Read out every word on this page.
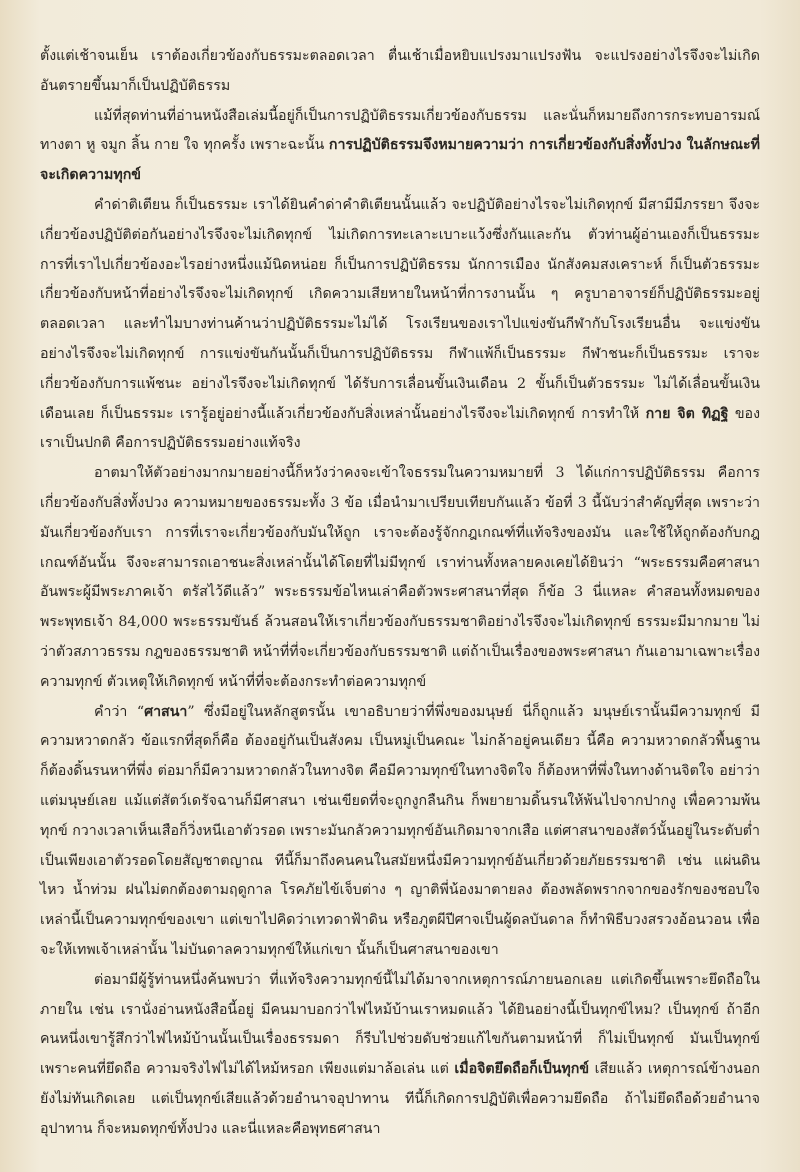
ตั้งแต่เช้าจนเย็น เราต้องเกี่ยวข้องกับธรรมะตลอดเวลา ตื่นเช้าเมื่อหยิบแปรงมาแปรงฟัน จะแปรงอย่างไรจึงจะไม่เกิดอันตรายขึ้นมาก็เป็นปฏิบัติธรรม

แม้ที่สุดท่านที่อ่านหนังสือเล่มนี้อยู่ก็เป็นการปฏิบัติธรรมเกี่ยวข้องกับธรรม และนั่นก็หมายถึงการกระทบอารมณ์ ทางตา หู จมูก ลิ้น กาย ใจ ทุกครั้ง เพราะฉะนั้น การปฏิบัติธรรมจึงหมายความว่า การเกี่ยวข้องกับสิ่งทั้งปวง ในลักษณะที่จะเกิดความทุกข์

คำด่าติเตียน ก็เป็นธรรมะ เราได้ยินคำด่าคำติเตียนนั้นแล้ว จะปฏิบัติอย่างไรจะไม่เกิดทุกข์ มีสามีมีภรรยา จึงจะเกี่ยวข้องปฏิบัติต่อกันอย่างไรจึงจะไม่เกิดทุกข์ ไม่เกิดการทะเลาะเบาะแว้งซึ่งกันและกัน ตัวท่านผู้อ่านเองก็เป็นธรรมะ การที่เราไปเกี่ยวข้องอะไรอย่างหนึ่งแม้นิดหน่อย ก็เป็นการปฏิบัติธรรม นักการเมือง นักสังคมสงเคราะห์ ก็เป็นตัวธรรมะ เกี่ยวข้องกับหน้าที่อย่างไรจึงจะไม่เกิดทุกข์ เกิดความเสียหายในหน้าที่การงานนั้น ๆ ครูบาอาจารย์ก็ปฏิบัติธรรมะอยู่ตลอดเวลา และทำไมบางท่านค้านว่าปฏิบัติธรรมะไม่ได้ โรงเรียนของเราไปแข่งขันกีฬากับโรงเรียนอื่น จะแข่งขันอย่างไรจึงจะไม่เกิดทุกข์ การแข่งขันกันนั้นก็เป็นการปฏิบัติธรรม กีฬาแพ้ก็เป็นธรรมะ กีฬาชนะก็เป็นธรรมะ เราจะเกี่ยวข้องกับการแพ้ชนะ อย่างไรจึงจะไม่เกิดทุกข์ ได้รับการเลื่อนขั้นเงินเดือน 2 ขั้นก็เป็นตัวธรรมะ ไม่ได้เลื่อนขั้นเงินเดือนเลย ก็เป็นธรรมะ เรารู้อยู่อย่างนี้แล้วเกี่ยวข้องกับสิ่งเหล่านั้นอย่างไรจึงจะไม่เกิดทุกข์ การทำให้ กาย จิต ทิฏฐิ ของเราเป็นปกติ คือการปฏิบัติธรรมอย่างแท้จริง

อาตมาให้ตัวอย่างมากมายอย่างนี้ก็หวังว่าคงจะเข้าใจธรรมในความหมายที่ 3 ได้แก่การปฏิบัติธรรม คือการเกี่ยวข้องกับสิ่งทั้งปวง ความหมายของธรรมะทั้ง 3 ข้อ เมื่อนำมาเปรียบเทียบกันแล้ว ข้อที่ 3 นี้นับว่าสำคัญที่สุด เพราะว่ามันเกี่ยวข้องกับเรา การที่เราจะเกี่ยวข้องกับมันให้ถูก เราจะต้องรู้จักกฎเกณฑ์ที่แท้จริงของมัน และใช้ให้ถูกต้องกับกฎเกณฑ์อันนั้น จึงจะสามารถเอาชนะสิ่งเหล่านั้นได้โดยที่ไม่มีทุกข์ เราท่านทั้งหลายคงเคยได้ยินว่า “พระธรรมคือศาสนา อันพระผู้มีพระภาคเจ้า ตรัสไว้ดีแล้ว” พระธรรมข้อไหนเล่าคือตัวพระศาสนาที่สุด ก็ข้อ 3 นี่แหละ คำสอนทั้งหมดของพระพุทธเจ้า 84,000 พระธรรมขันธ์ ล้วนสอนให้เราเกี่ยวข้องกับธรรมชาติอย่างไรจึงจะไม่เกิดทุกข์ ธรรมะมีมากมาย ไม่ว่าตัวสภาวธรรม กฎของธรรมชาติ หน้าที่ที่จะเกี่ยวข้องกับธรรมชาติ แต่ถ้าเป็นเรื่องของพระศาสนา กันเอามาเฉพาะเรื่องความทุกข์ ตัวเหตุให้เกิดทุกข์ หน้าที่ที่จะต้องกระทำต่อความทุกข์

คำว่า “ศาสนา” ซึ่งมีอยู่ในหลักสูตรนั้น เขาอธิบายว่าที่พึ่งของมนุษย์ นี่ก็ถูกแล้ว มนุษย์เรานั้นมีความทุกข์ มีความหวาดกลัว ข้อแรกที่สุดก็คือ ต้องอยู่กันเป็นสังคม เป็นหมู่เป็นคณะ ไม่กล้าอยู่คนเดียว นี้คือ ความหวาดกลัวพื้นฐาน ก็ต้องดิ้นรนหาที่พึ่ง ต่อมาก็มีความหวาดกลัวในทางจิต คือมีความทุกข์ในทางจิตใจ ก็ต้องหาที่พึ่งในทางด้านจิตใจ อย่าว่าแต่มนุษย์เลย แม้แต่สัตว์เดรัจฉานก็มีศาสนา เช่นเขียดที่จะถูกงูกลืนกิน ก็พยายามดิ้นรนให้พ้นไปจากปากงู เพื่อความพ้นทุกข์ กวางเวลาเห็นเสือก็วิ่งหนีเอาตัวรอด เพราะมันกลัวความทุกข์อันเกิดมาจากเสือ แต่ศาสนาของสัตว์นั้นอยู่ในระดับต่ำ เป็นเพียงเอาตัวรอดโดยสัญชาตญาณ ทีนี้ก็มาถึงคนคนในสมัยหนึ่งมีความทุกข์อันเกี่ยวด้วยภัยธรรมชาติ เช่น แผ่นดินไหว น้ำท่วม ฝนไม่ตกต้องตามฤดูกาล โรคภัยไข้เจ็บต่าง ๆ ญาติพี่น้องมาตายลง ต้องพลัดพรากจากของรักของชอบใจ เหล่านี้เป็นความทุกข์ของเขา แต่เขาไปคิดว่าเทวดาฟ้าดิน หรือภูตผีปีศาจเป็นผู้ดลบันดาล ก็ทำพิธีบวงสรวงอ้อนวอน เพื่อจะให้เทพเจ้าเหล่านั้น ไม่บันดาลความทุกข์ให้แก่เขา นั้นก็เป็นศาสนาของเขา

ต่อมามีผู้รู้ท่านหนึ่งค้นพบว่า ที่แท้จริงความทุกข์นี้ไม่ได้มาจากเหตุการณ์ภายนอกเลย แต่เกิดขึ้นเพราะยึดถือในภายใน เช่น เรานั่งอ่านหนังสือนี้อยู่ มีคนมาบอกว่าไฟไหม้บ้านเราหมดแล้ว ได้ยินอย่างนี้เป็นทุกข์ไหม? เป็นทุกข์ ถ้าอีกคนหนึ่งเขารู้สึกว่าไฟไหม้บ้านนั้นเป็นเรื่องธรรมดา ก็รีบไปช่วยดับช่วยแก้ไขกันตามหน้าที่ ก็ไม่เป็นทุกข์ มันเป็นทุกข์เพราะคนที่ยึดถือ ความจริงไฟไม่ได้ไหม้หรอก เพียงแต่มาล้อเล่น แต่ เมื่อจิตยึดถือก็เป็นทุกข์ เสียแล้ว เหตุการณ์ข้างนอกยังไม่ทันเกิดเลย แต่เป็นทุกข์เสียแล้วด้วยอำนาจอุปาทาน ทีนี้ก็เกิดการปฏิบัติเพื่อความยึดถือ ถ้าไม่ยึดถือด้วยอำนาจอุปาทาน ก็จะหมดทุกข์ทั้งปวง และนี่แหละคือพุทธศาสนา
